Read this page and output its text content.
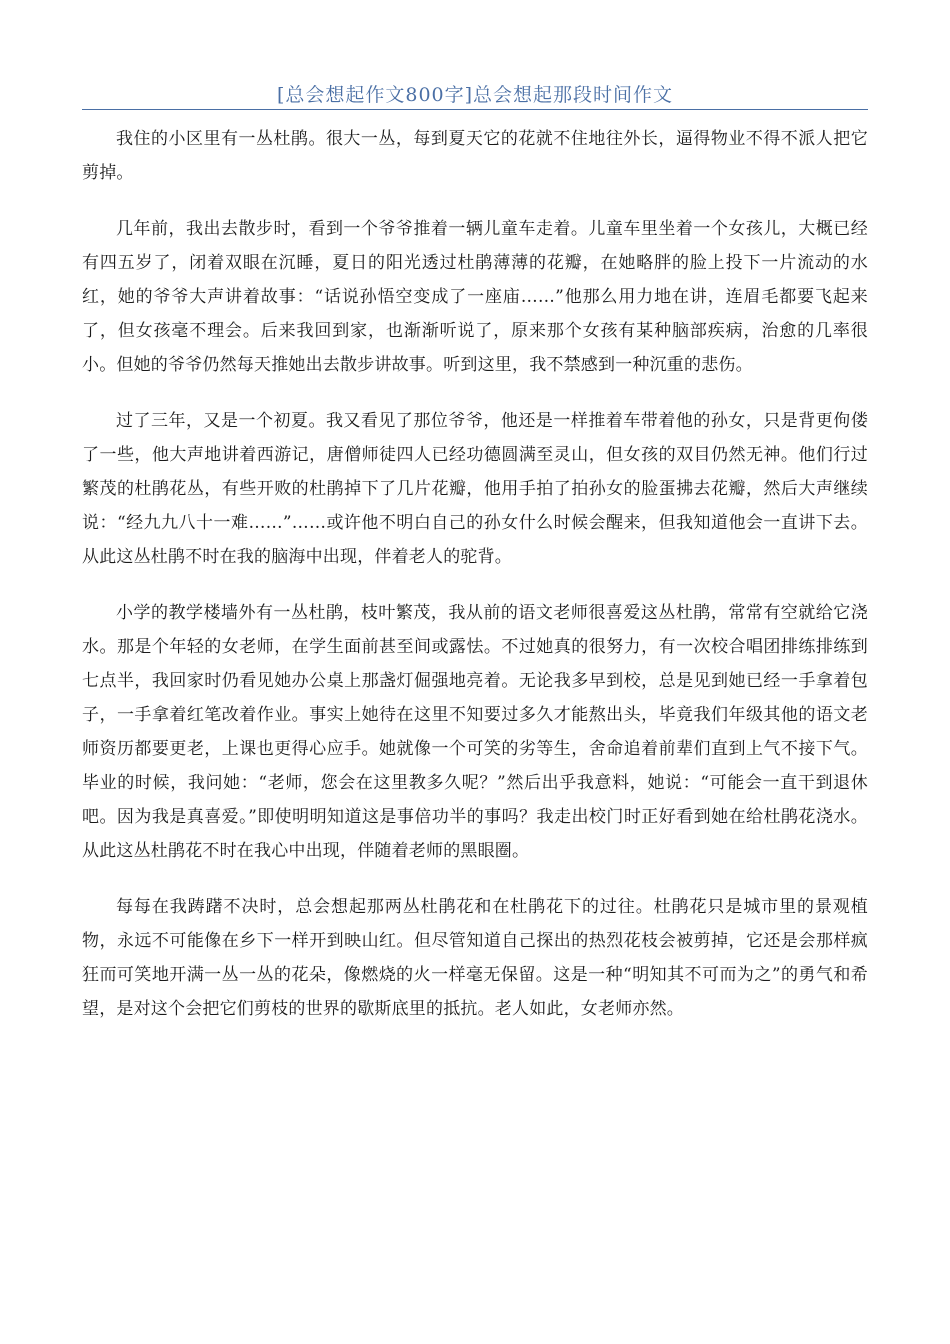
[总会想起作文800字]总会想起那段时间作文

我住的小区里有一丛杜鹃。很大一丛，每到夏天它的花就不住地往外长，逼得物业不得不派人把它剪掉。

几年前，我出去散步时，看到一个爷爷推着一辆儿童车走着。儿童车里坐着一个女孩儿，大概已经有四五岁了，闭着双眼在沉睡，夏日的阳光透过杜鹃薄薄的花瓣，在她略胖的脸上投下一片流动的水红，她的爷爷大声讲着故事：“话说孙悟空变成了一座庙……”他那么用力地在讲，连眉毛都要飞起来了，但女孩毫不理会。后来我回到家，也渐渐听说了，原来那个女孩有某种脑部疾病，治愈的几率很小。但她的爷爷仍然每天推她出去散步讲故事。听到这里，我不禁感到一种沉重的悲伤。

过了三年，又是一个初夏。我又看见了那位爷爷，他还是一样推着车带着他的孙女，只是背更佝偻了一些，他大声地讲着西游记，唐僧师徒四人已经功德圆满至灵山，但女孩的双目仍然无神。他们行过繁茂的杜鹃花丛，有些开败的杜鹃掉下了几片花瓣，他用手拍了拍孙女的脸蛋拂去花瓣，然后大声继续说：“经九九八十一难……”……或许他不明白自己的孙女什么时候会醒来，但我知道他会一直讲下去。从此这丛杜鹃不时在我的脑海中出现，伴着老人的驼背。

小学的教学楼墙外有一丛杜鹃，枝叶繁茂，我从前的语文老师很喜爱这丛杜鹃，常常有空就给它浇水。那是个年轻的女老师，在学生面前甚至间或露怯。不过她真的很努力，有一次校合唱团排练排练到七点半，我回家时仍看见她办公桌上那盏灯倔强地亮着。无论我多早到校，总是见到她已经一手拿着包子，一手拿着红笔改着作业。事实上她待在这里不知要过多久才能熬出头，毕竟我们年级其他的语文老师资历都要更老，上课也更得心应手。她就像一个可笑的劣等生，舍命追着前辈们直到上气不接下气。毕业的时候，我问她：“老师，您会在这里教多久呢？”然后出乎我意料，她说：“可能会一直干到退休吧。因为我是真喜爱。”即使明明知道这是事倍功半的事吗？我走出校门时正好看到她在给杜鹃花浇水。从此这丛杜鹃花不时在我心中出现，伴随着老师的黑眼圈。

每每在我踌躇不决时，总会想起那两丛杜鹃花和在杜鹃花下的过往。杜鹃花只是城市里的景观植物，永远不可能像在乡下一样开到映山红。但尽管知道自己探出的热烈花枝会被剪掉，它还是会那样疯狂而可笑地开满一丛一丛的花朵，像燃烧的火一样毫无保留。这是一种“明知其不可而为之”的勇气和希望，是对这个会把它们剪枝的世界的歇斯底里的抵抗。老人如此，女老师亦然。
